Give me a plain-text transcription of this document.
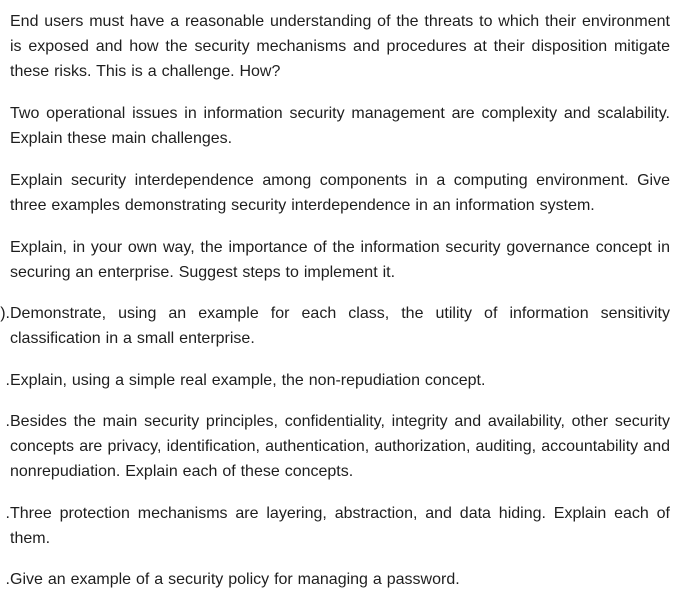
End users must have a reasonable understanding of the threats to which their environment is exposed and how the security mechanisms and procedures at their disposition mitigate these risks. This is a challenge. How?
Two operational issues in information security management are complexity and scalability. Explain these main challenges.
Explain security interdependence among components in a computing environment. Give three examples demonstrating security interdependence in an information system.
Explain, in your own way, the importance of the information security governance concept in securing an enterprise. Suggest steps to implement it.
). Demonstrate, using an example for each class, the utility of information sensitivity classification in a small enterprise.
. Explain, using a simple real example, the non-repudiation concept.
. Besides the main security principles, confidentiality, integrity and availability, other security concepts are privacy, identification, authentication, authorization, auditing, accountability and nonrepudiation. Explain each of these concepts.
. Three protection mechanisms are layering, abstraction, and data hiding. Explain each of them.
. Give an example of a security policy for managing a password.
